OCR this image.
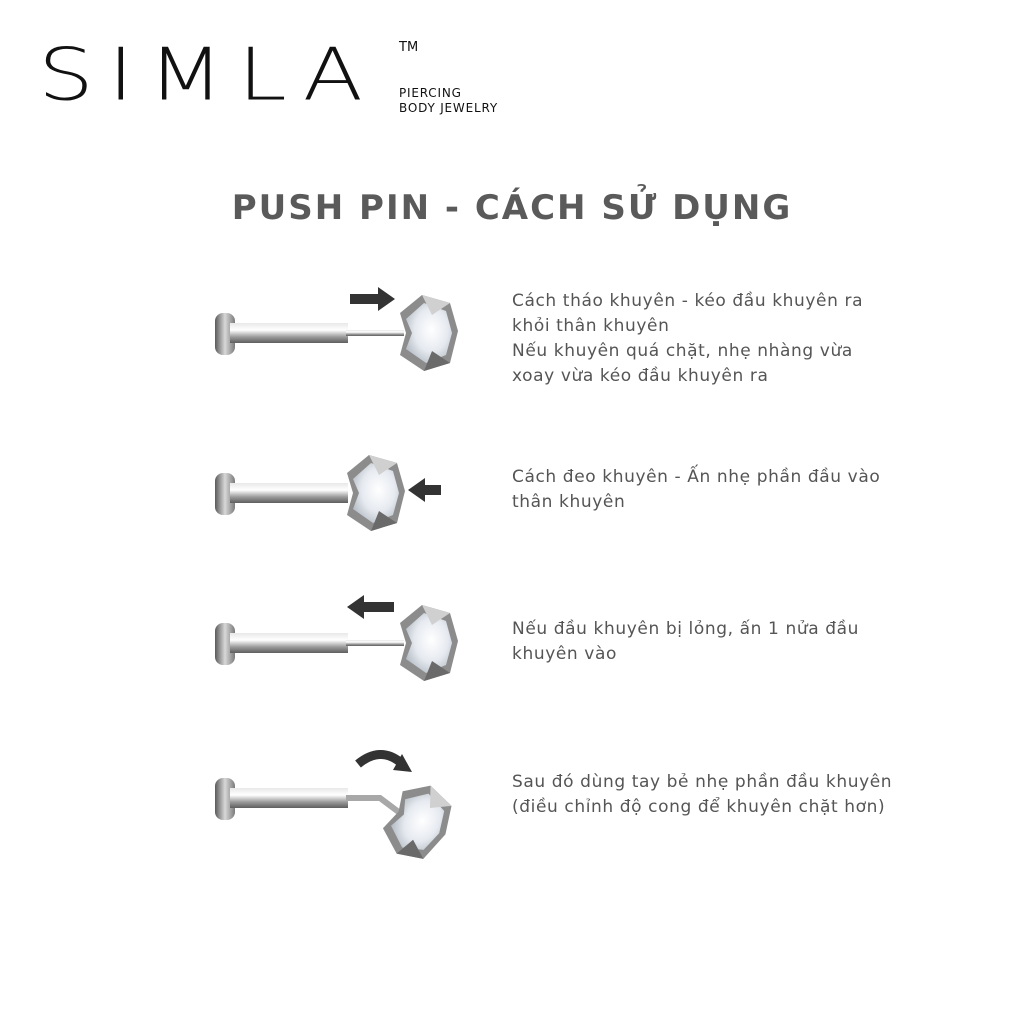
SIMLA TM
PIERCING
BODY JEWELRY
PUSH PIN - CÁCH SỬ DỤNG
Cách tháo khuyên - kéo đầu khuyên ra
khỏi thân khuyên
Nếu khuyên quá chặt, nhẹ nhàng vừa
xoay vừa kéo đầu khuyên ra
Cách đeo khuyên - Ấn nhẹ phần đầu vào
thân khuyên
Nếu đầu khuyên bị lỏng, ấn 1 nửa đầu
khuyên vào
Sau đó dùng tay bẻ nhẹ phần đầu khuyên
(điều chỉnh độ cong để khuyên chặt hơn)
